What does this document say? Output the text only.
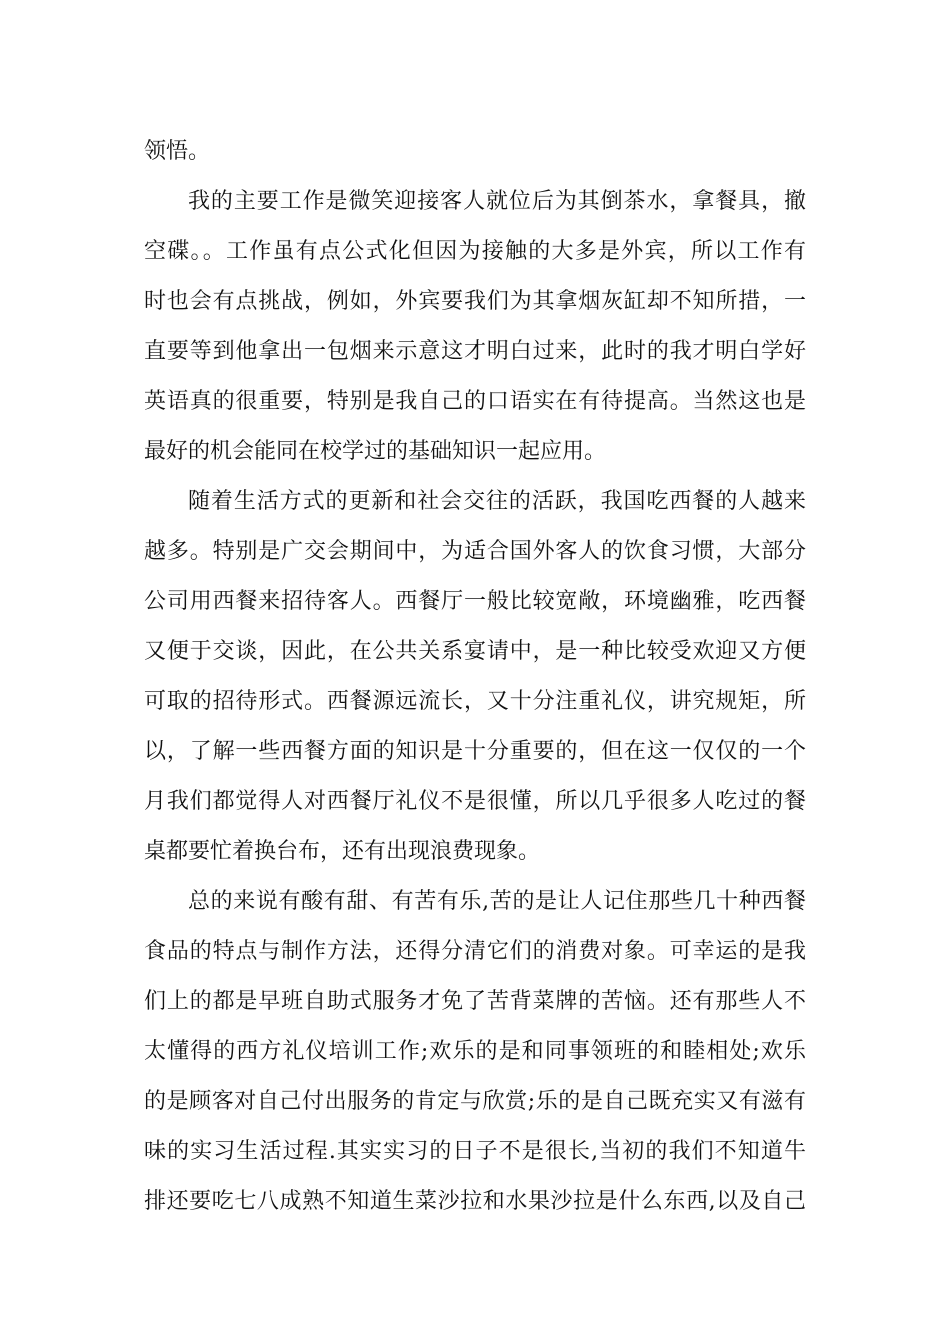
领悟。
我的主要工作是微笑迎接客人就位后为其倒茶水，拿餐具，撤
空碟。。工作虽有点公式化但因为接触的大多是外宾，所以工作有
时也会有点挑战，例如，外宾要我们为其拿烟灰缸却不知所措，一
直要等到他拿出一包烟来示意这才明白过来，此时的我才明白学好
英语真的很重要，特别是我自己的口语实在有待提高。当然这也是
最好的机会能同在校学过的基础知识一起应用。
随着生活方式的更新和社会交往的活跃，我国吃西餐的人越来
越多。特别是广交会期间中，为适合国外客人的饮食习惯，大部分
公司用西餐来招待客人。西餐厅一般比较宽敞，环境幽雅，吃西餐
又便于交谈，因此，在公共关系宴请中，是一种比较受欢迎又方便
可取的招待形式。西餐源远流长，又十分注重礼仪，讲究规矩，所
以，了解一些西餐方面的知识是十分重要的，但在这一仅仅的一个
月我们都觉得人对西餐厅礼仪不是很懂，所以几乎很多人吃过的餐
桌都要忙着换台布，还有出现浪费现象。
总的来说有酸有甜、有苦有乐,苦的是让人记住那些几十种西餐
食品的特点与制作方法，还得分清它们的消费对象。可幸运的是我
们上的都是早班自助式服务才免了苦背菜牌的苦恼。还有那些人不
太懂得的西方礼仪培训工作;欢乐的是和同事领班的和睦相处;欢乐
的是顾客对自己付出服务的肯定与欣赏;乐的是自己既充实又有滋有
味的实习生活过程.其实实习的日子不是很长,当初的我们不知道牛
排还要吃七八成熟不知道生菜沙拉和水果沙拉是什么东西,以及自己
